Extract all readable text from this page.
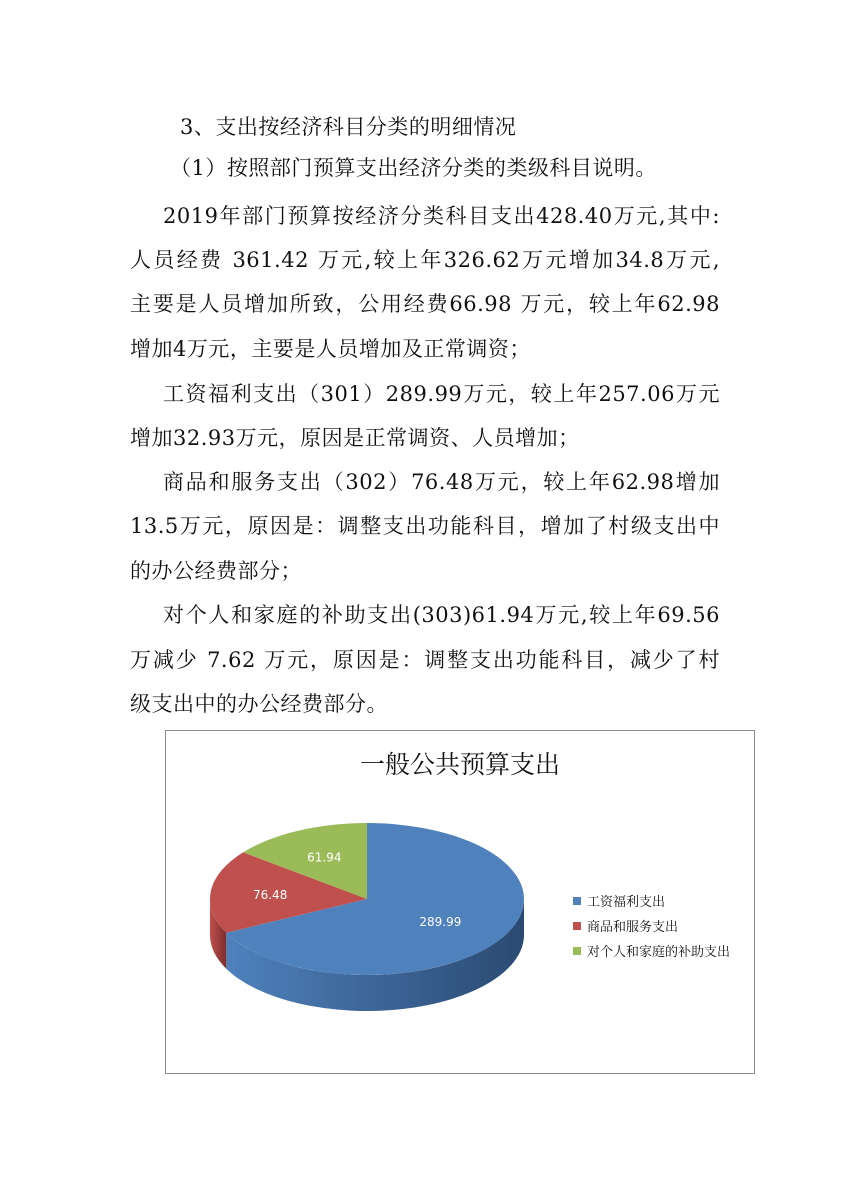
3、支出按经济科目分类的明细情况
（1）按照部门预算支出经济分类的类级科目说明。
2019年部门预算按经济分类科目支出428.40万元,其中:
人员经费 361.42 万元,较上年326.62万元增加34.8万元,
主要是人员增加所致，公用经费66.98 万元，较上年62.98
增加4万元，主要是人员增加及正常调资；
工资福利支出（301）289.99万元，较上年257.06万元
增加32.93万元，原因是正常调资、人员增加；
商品和服务支出（302）76.48万元，较上年62.98增加
13.5万元，原因是：调整支出功能科目，增加了村级支出中
的办公经费部分；
对个人和家庭的补助支出(303)61.94万元,较上年69.56
万减少 7.62 万元，原因是：调整支出功能科目，减少了村
级支出中的办公经费部分。
一般公共预算支出
289.99
76.48
61.94
工资福利支出
商品和服务支出
对个人和家庭的补助支出
